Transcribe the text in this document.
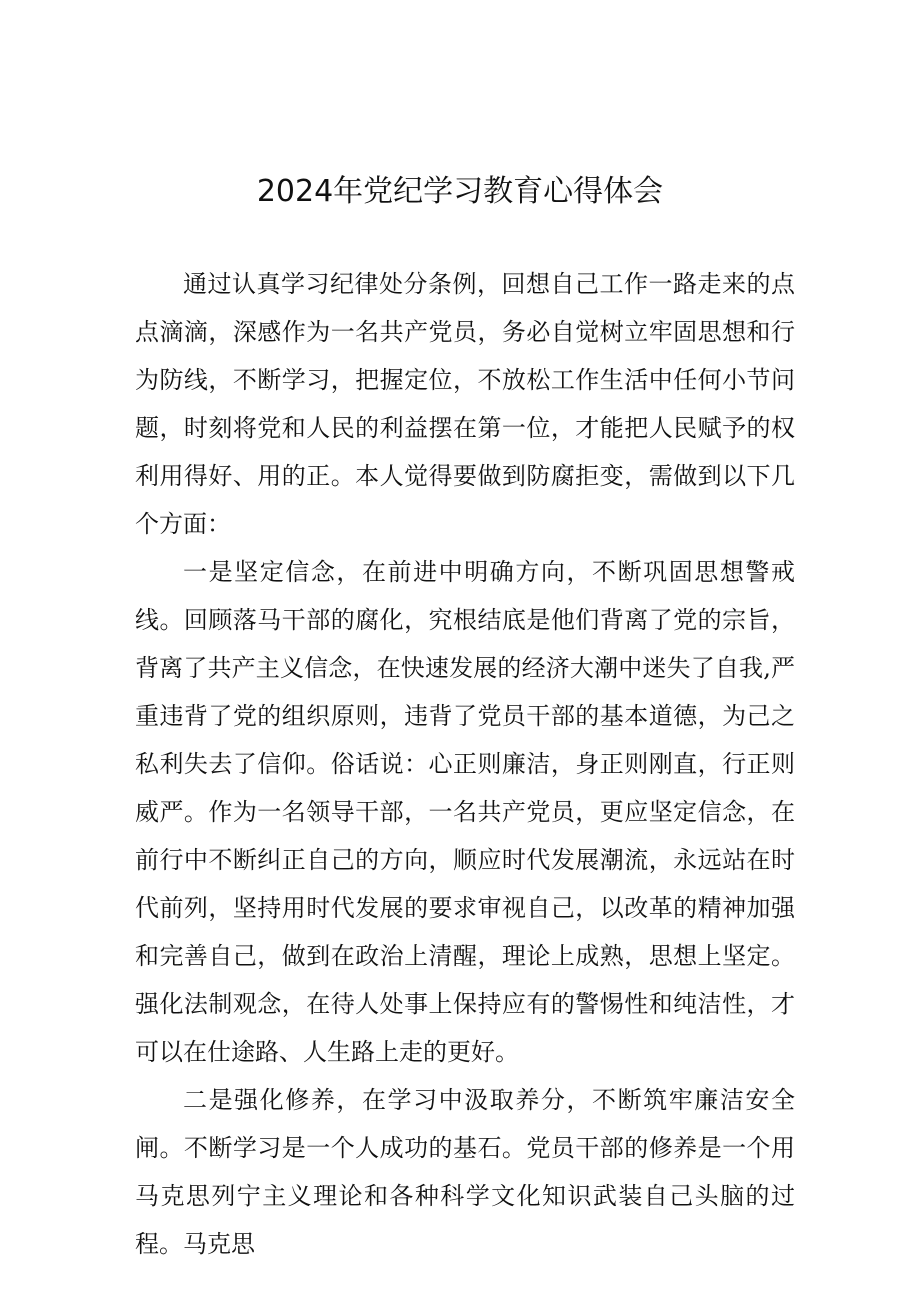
2024年党纪学习教育心得体会

通过认真学习纪律处分条例，回想自己工作一路走来的点点滴滴，深感作为一名共产党员，务必自觉树立牢固思想和行为防线，不断学习，把握定位，不放松工作生活中任何小节问题，时刻将党和人民的利益摆在第一位，才能把人民赋予的权利用得好、用的正。本人觉得要做到防腐拒变，需做到以下几个方面：

一是坚定信念，在前进中明确方向，不断巩固思想警戒线。回顾落马干部的腐化，究根结底是他们背离了党的宗旨，背离了共产主义信念，在快速发展的经济大潮中迷失了自我,严重违背了党的组织原则，违背了党员干部的基本道德，为己之私利失去了信仰。俗话说：心正则廉洁，身正则刚直，行正则威严。作为一名领导干部，一名共产党员，更应坚定信念，在前行中不断纠正自己的方向，顺应时代发展潮流，永远站在时代前列，坚持用时代发展的要求审视自己，以改革的精神加强和完善自己，做到在政治上清醒，理论上成熟，思想上坚定。强化法制观念，在待人处事上保持应有的警惕性和纯洁性，才可以在仕途路、人生路上走的更好。

二是强化修养，在学习中汲取养分，不断筑牢廉洁安全闸。不断学习是一个人成功的基石。党员干部的修养是一个用马克思列宁主义理论和各种科学文化知识武装自己头脑的过程。马克思
